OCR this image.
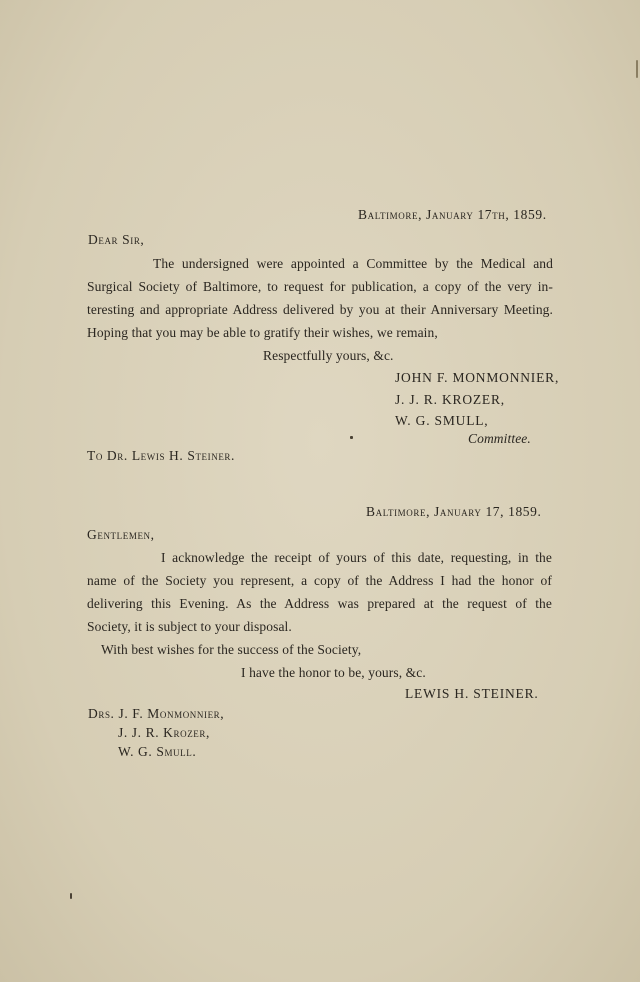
Baltimore, January 17th, 1859.
Dear Sir,
The undersigned were appointed a Committee by the Medical and
Surgical Society of Baltimore, to request for publication, a copy of the very in-
teresting and appropriate Address delivered by you at their Anniversary Meeting.
Hoping that you may be able to gratify their wishes, we remain,
Respectfully yours, &c.
JOHN F. MONMONNIER,
J. J. R. KROZER,
W. G. SMULL,
Committee.
To Dr. Lewis H. Steiner.
Baltimore, January 17, 1859.
Gentlemen,
I acknowledge the receipt of yours of this date, requesting, in the
name of the Society you represent, a copy of the Address I had the honor of
delivering this Evening. As the Address was prepared at the request of the
Society, it is subject to your disposal.
With best wishes for the success of the Society,
I have the honor to be, yours, &c.
LEWIS H. STEINER.
Drs. J. F. Monmonnier,
J. J. R. Krozer,
W. G. Smull.
